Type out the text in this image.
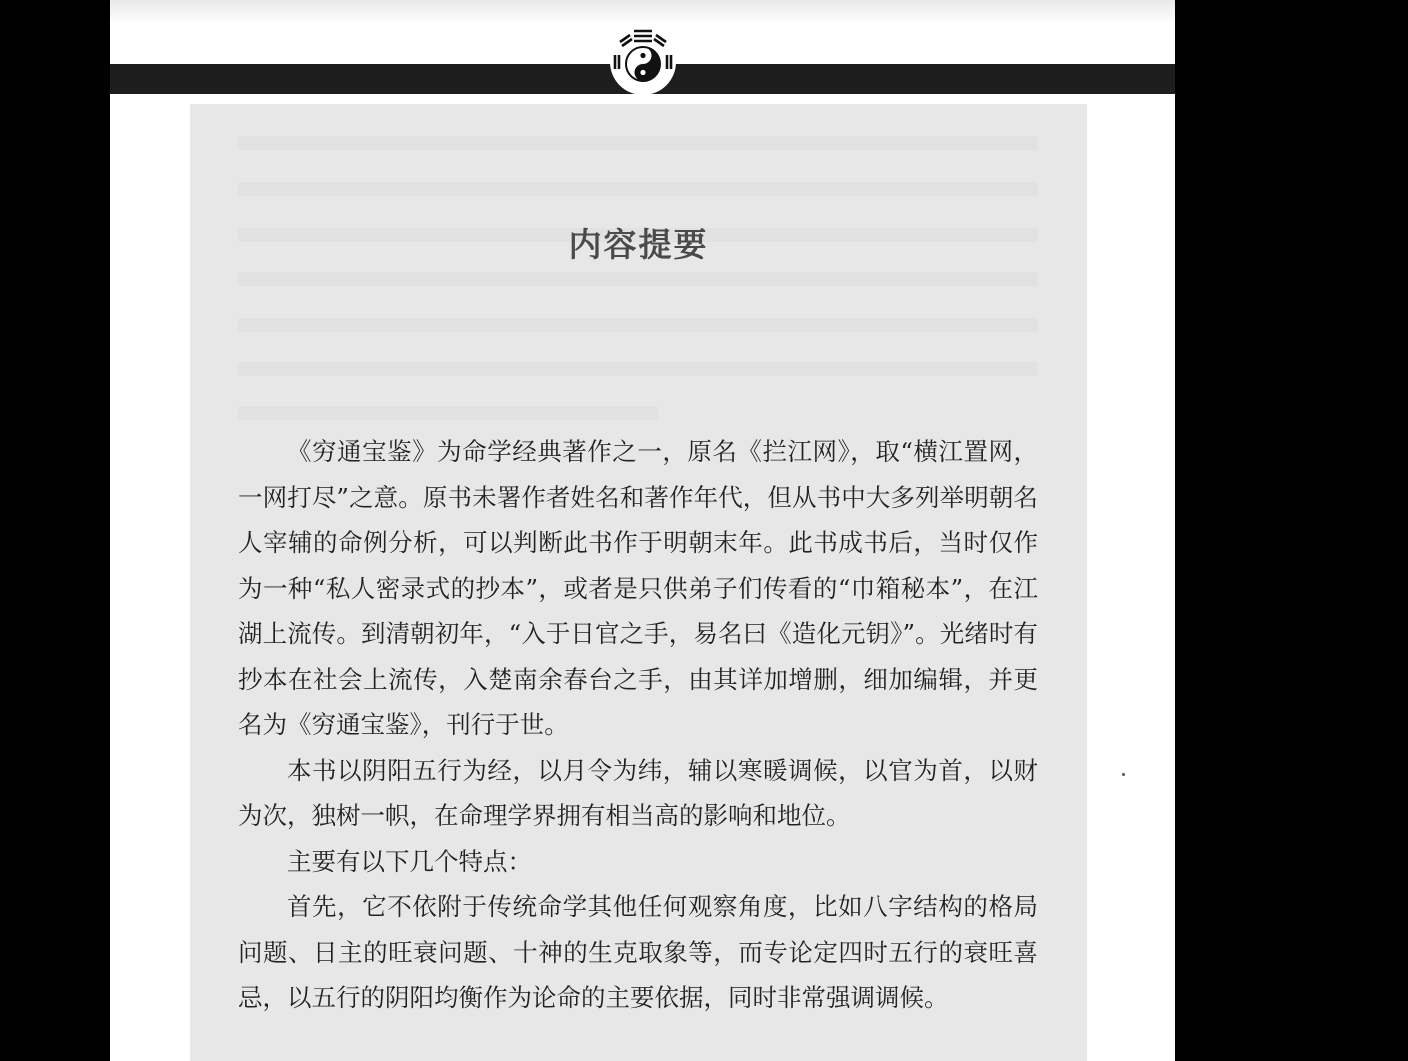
内容提要

《穷通宝鉴》为命学经典著作之一，原名《拦江网》，取“横江置网，一网打尽”之意。原书未署作者姓名和著作年代，但从书中大多列举明朝名人宰辅的命例分析，可以判断此书作于明朝末年。此书成书后，当时仅作为一种“私人密录式的抄本”，或者是只供弟子们传看的“巾箱秘本”，在江湖上流传。到清朝初年，“入于日官之手，易名曰《造化元钥》”。光绪时有抄本在社会上流传，入楚南余春台之手，由其详加增删，细加编辑，并更名为《穷通宝鉴》，刊行于世。

本书以阴阳五行为经，以月令为纬，辅以寒暖调候，以官为首，以财为次，独树一帜，在命理学界拥有相当高的影响和地位。

主要有以下几个特点：

首先，它不依附于传统命学其他任何观察角度，比如八字结构的格局问题、日主的旺衰问题、十神的生克取象等，而专论定四时五行的衰旺喜忌，以五行的阴阳均衡作为论命的主要依据，同时非常强调调候。
